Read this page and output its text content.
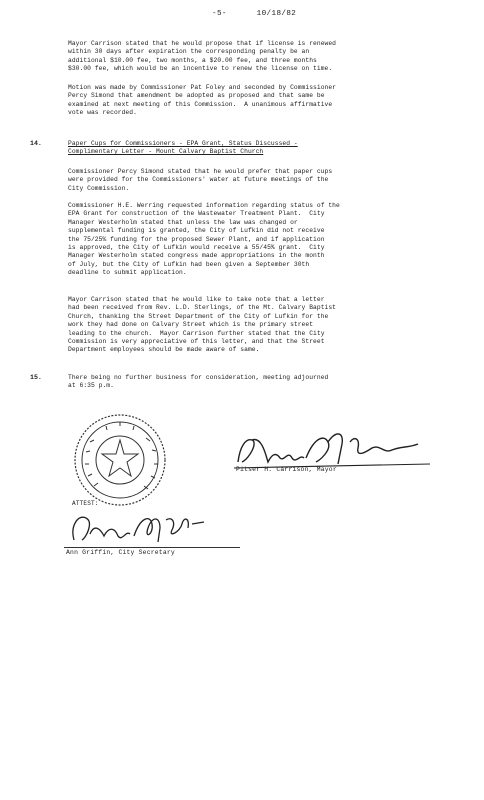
-5-      10/18/82
Mayor Carrison stated that he would propose that if license is renewed
within 30 days after expiration the corresponding penalty be an
additional $10.00 fee, two months, a $20.00 fee, and three months
$30.00 fee, which would be an incentive to renew the license on time.
Motion was made by Commissioner Pat Foley and seconded by Commissioner
Percy Simond that amendment be adopted as proposed and that same be
examined at next meeting of this Commission.  A unanimous affirmative
vote was recorded.
14.	Paper Cups for Commissioners - EPA Grant, Status Discussed -
Complimentary Letter - Mount Calvary Baptist Church
Commissioner Percy Simond stated that he would prefer that paper cups
were provided for the Commissioners' water at future meetings of the
City Commission.
Commissioner H.E. Werring requested information regarding status of the
EPA Grant for construction of the Wastewater Treatment Plant.  City
Manager Westerholm stated that unless the law was changed or
supplemental funding is granted, the City of Lufkin did not receive
the 75/25% funding for the proposed Sewer Plant, and if application
is approved, the City of Lufkin would receive a 55/45% grant.  City
Manager Westerholm stated congress made appropriations in the month
of July, but the City of Lufkin had been given a September 30th
deadline to submit application.
Mayor Carrison stated that he would like to take note that a letter
had been received from Rev. L.D. Sterlings, of the Mt. Calvary Baptist
Church, thanking the Street Department of the City of Lufkin for the
work they had done on Calvary Street which is the primary street
leading to the church.  Mayor Carrison further stated that the City
Commission is very appreciative of this letter, and that the Street
Department employees should be made aware of same.
15.	There being no further business for consideration, meeting adjourned
at 6:35 p.m.
Pitser H. Carrison, Mayor
ATTEST:
Ann Griffin, City Secretary
